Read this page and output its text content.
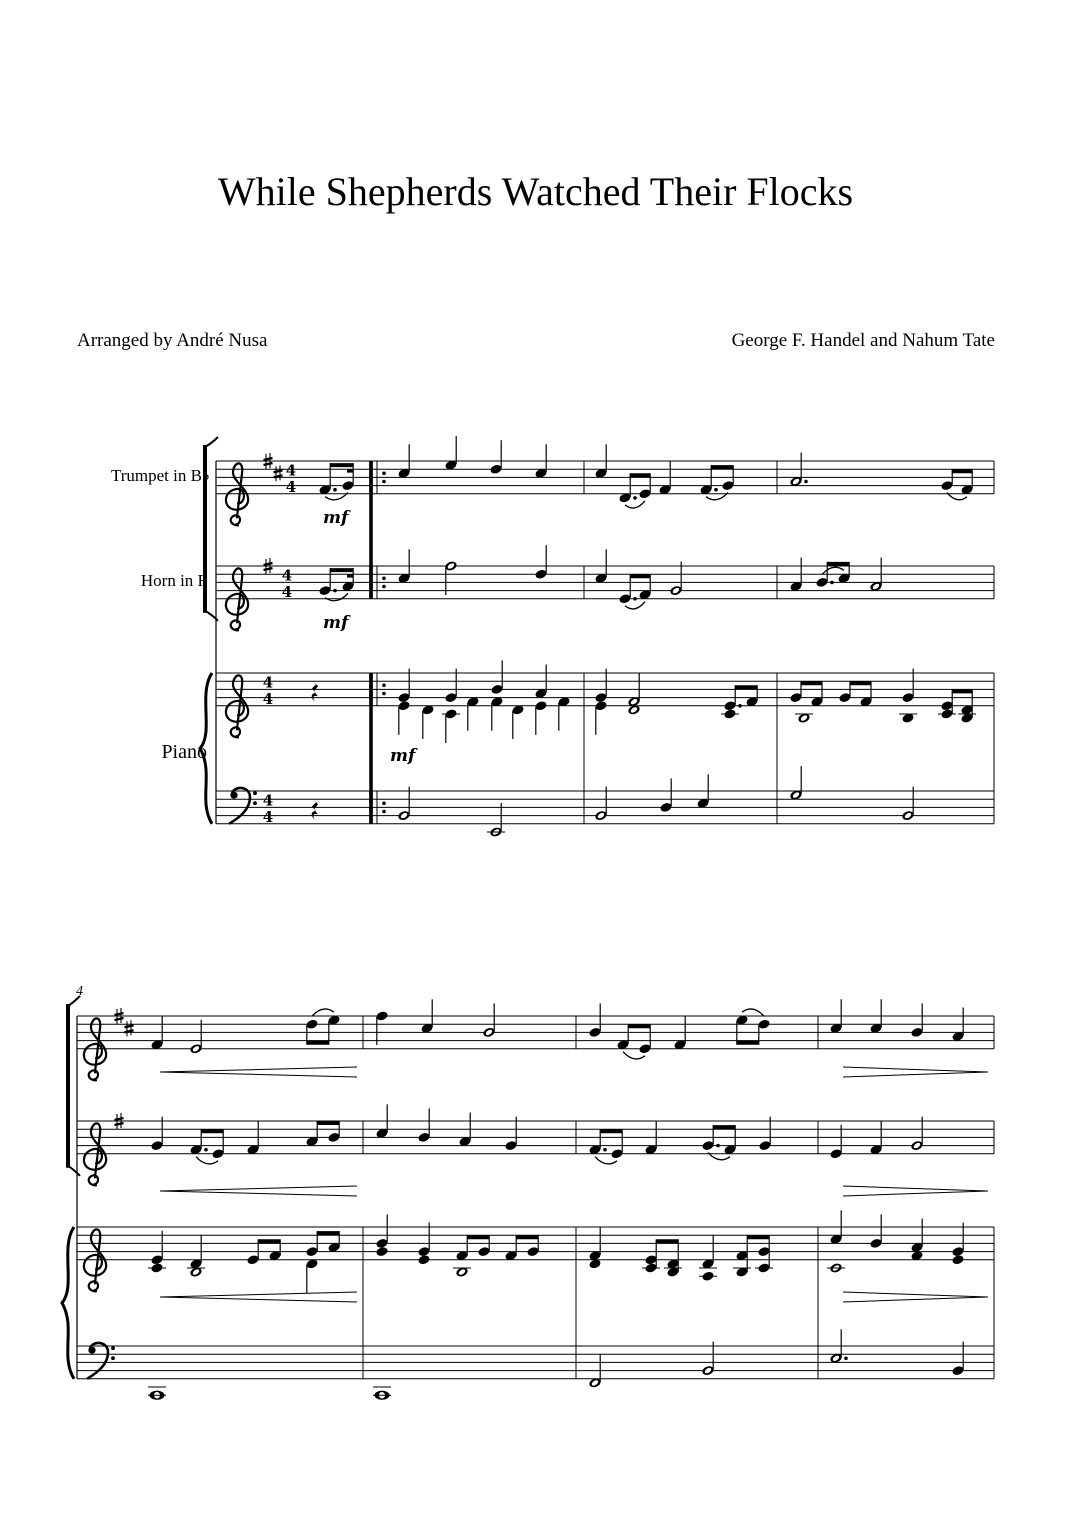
While Shepherds Watched Their Flocks
Arranged by André Nusa	George F. Handel and Nahum Tate
Trumpet in B♭
Horn in F
Piano
4
4
4
4
4
4
4
4
mf
mf
mf
4
